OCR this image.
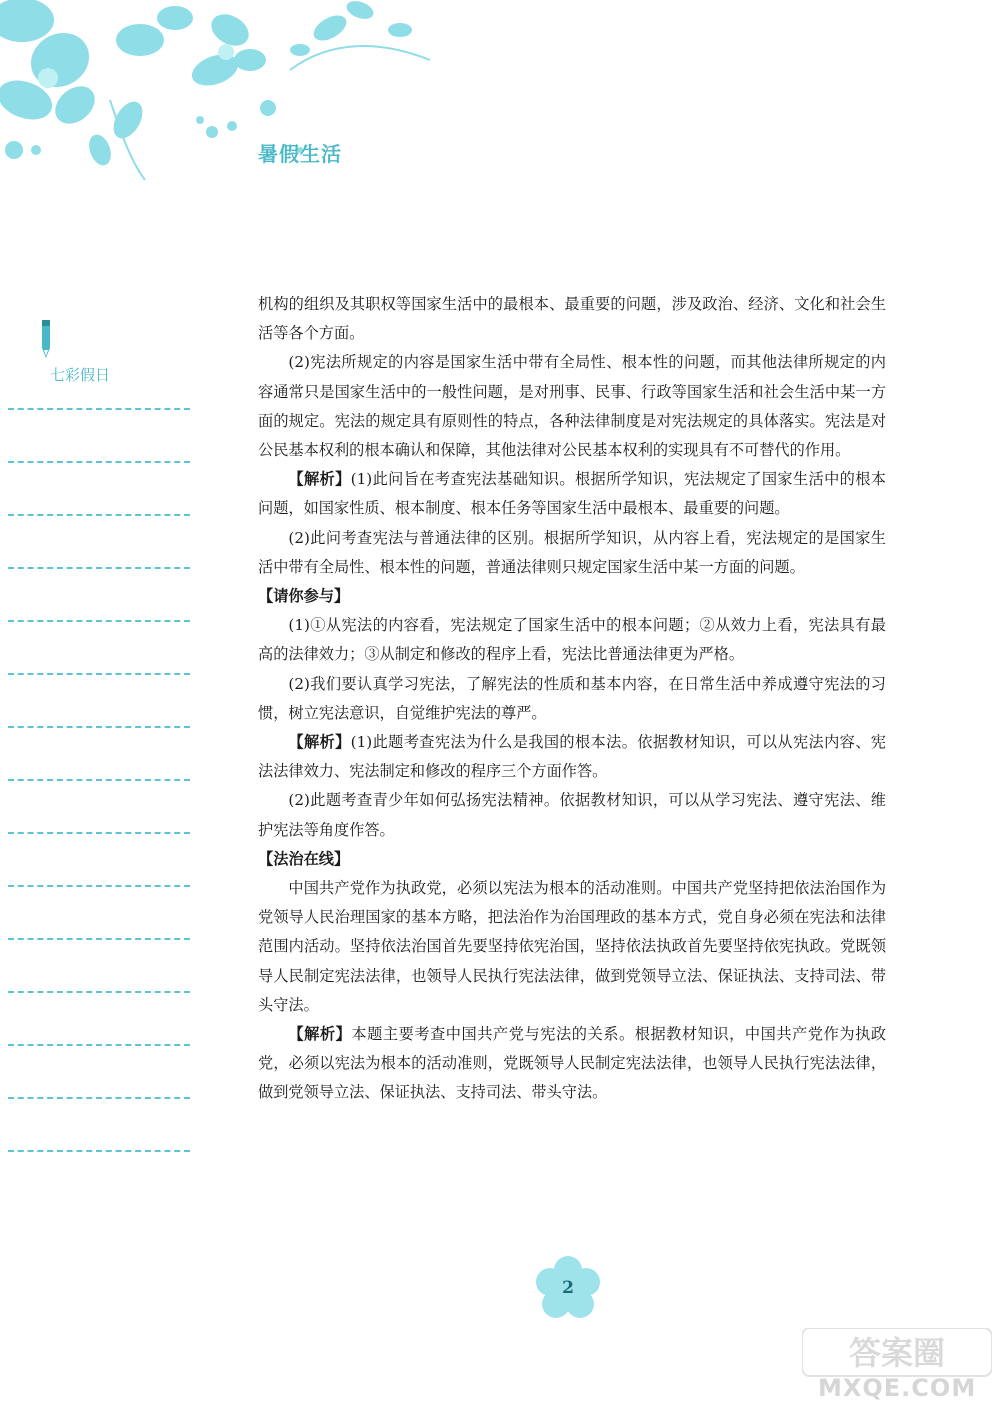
暑假生活
七彩假日

机构的组织及其职权等国家生活中的最根本、最重要的问题，涉及政治、经济、文化和社会生活等各个方面。

(2)宪法所规定的内容是国家生活中带有全局性、根本性的问题，而其他法律所规定的内容通常只是国家生活中的一般性问题，是对刑事、民事、行政等国家生活和社会生活中某一方面的规定。宪法的规定具有原则性的特点，各种法律制度是对宪法规定的具体落实。宪法是对公民基本权利的根本确认和保障，其他法律对公民基本权利的实现具有不可替代的作用。

【解析】(1)此问旨在考查宪法基础知识。根据所学知识，宪法规定了国家生活中的根本问题，如国家性质、根本制度、根本任务等国家生活中最根本、最重要的问题。

(2)此问考查宪法与普通法律的区别。根据所学知识，从内容上看，宪法规定的是国家生活中带有全局性、根本性的问题，普通法律则只规定国家生活中某一方面的问题。

【请你参与】

(1)①从宪法的内容看，宪法规定了国家生活中的根本问题；②从效力上看，宪法具有最高的法律效力；③从制定和修改的程序上看，宪法比普通法律更为严格。

(2)我们要认真学习宪法，了解宪法的性质和基本内容，在日常生活中养成遵守宪法的习惯，树立宪法意识，自觉维护宪法的尊严。

【解析】(1)此题考查宪法为什么是我国的根本法。依据教材知识，可以从宪法内容、宪法法律效力、宪法制定和修改的程序三个方面作答。

(2)此题考查青少年如何弘扬宪法精神。依据教材知识，可以从学习宪法、遵守宪法、维护宪法等角度作答。

【法治在线】

中国共产党作为执政党，必须以宪法为根本的活动准则。中国共产党坚持把依法治国作为党领导人民治理国家的基本方略，把法治作为治国理政的基本方式，党自身必须在宪法和法律范围内活动。坚持依法治国首先要坚持依宪治国，坚持依法执政首先要坚持依宪执政。党既领导人民制定宪法法律，也领导人民执行宪法法律，做到党领导立法、保证执法、支持司法、带头守法。

【解析】本题主要考查中国共产党与宪法的关系。根据教材知识，中国共产党作为执政党，必须以宪法为根本的活动准则，党既领导人民制定宪法法律，也领导人民执行宪法法律，做到党领导立法、保证执法、支持司法、带头守法。

2
答案圈
MXQE.COM
